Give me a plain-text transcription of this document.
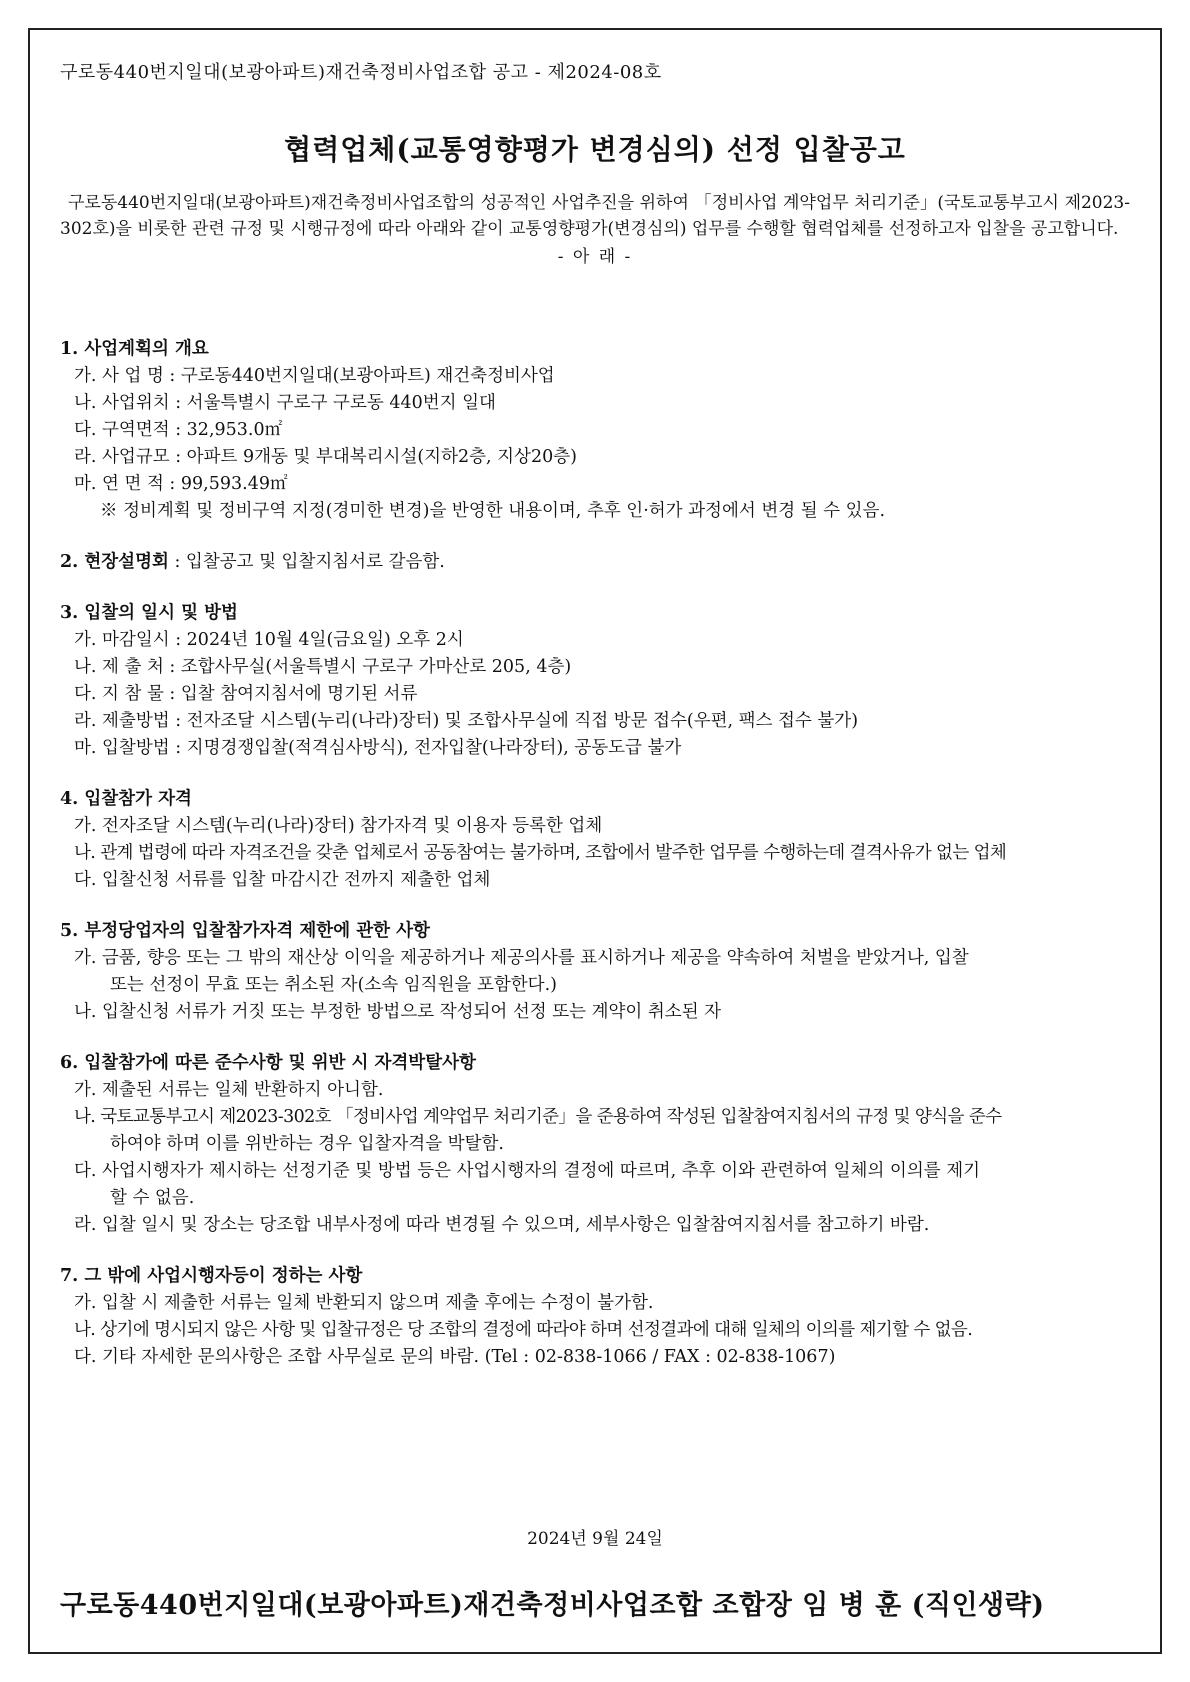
구로동440번지일대(보광아파트)재건축정비사업조합 공고 - 제2024-08호
협력업체(교통영향평가 변경심의) 선정 입찰공고

구로동440번지일대(보광아파트)재건축정비사업조합의 성공적인 사업추진을 위하여 「정비사업 계약업무 처리기준」(국토교통부고시 제2023-302호)을 비롯한 관련 규정 및 시행규정에 따라 아래와 같이 교통영향평가(변경심의) 업무를 수행할 협력업체를 선정하고자 입찰을 공고합니다.

- 아 래 -
1. 사업계획의 개요
가. 사 업 명 : 구로동440번지일대(보광아파트) 재건축정비사업
나. 사업위치 : 서울특별시 구로구 구로동 440번지 일대
다. 구역면적 : 32,953.0㎡
라. 사업규모 : 아파트 9개동 및 부대복리시설(지하2층, 지상20층)
마. 연 면 적 : 99,593.49㎡
※ 정비계획 및 정비구역 지정(경미한 변경)을 반영한 내용이며, 추후 인·허가 과정에서 변경 될 수 있음.
2. 현장설명회 : 입찰공고 및 입찰지침서로 갈음함.
3. 입찰의 일시 및 방법
가. 마감일시 : 2024년 10월 4일(금요일) 오후 2시
나. 제 출 처 : 조합사무실(서울특별시 구로구 가마산로 205, 4층)
다. 지 참 물 : 입찰 참여지침서에 명기된 서류
라. 제출방법 : 전자조달 시스템(누리(나라)장터) 및 조합사무실에 직접 방문 접수(우편, 팩스 접수 불가)
마. 입찰방법 : 지명경쟁입찰(적격심사방식), 전자입찰(나라장터), 공동도급 불가
4. 입찰참가 자격
가. 전자조달 시스템(누리(나라)장터) 참가자격 및 이용자 등록한 업체
나. 관계 법령에 따라 자격조건을 갖춘 업체로서 공동참여는 불가하며, 조합에서 발주한 업무를 수행하는데 결격사유가 없는 업체
다. 입찰신청 서류를 입찰 마감시간 전까지 제출한 업체
5. 부정당업자의 입찰참가자격 제한에 관한 사항
가. 금품, 향응 또는 그 밖의 재산상 이익을 제공하거나 제공의사를 표시하거나 제공을 약속하여 처벌을 받았거나, 입찰
또는 선정이 무효 또는 취소된 자(소속 임직원을 포함한다.)
나. 입찰신청 서류가 거짓 또는 부정한 방법으로 작성되어 선정 또는 계약이 취소된 자
6. 입찰참가에 따른 준수사항 및 위반 시 자격박탈사항
가. 제출된 서류는 일체 반환하지 아니함.
나. 국토교통부고시 제2023-302호 「정비사업 계약업무 처리기준」을 준용하여 작성된 입찰참여지침서의 규정 및 양식을 준수
하여야 하며 이를 위반하는 경우 입찰자격을 박탈함.
다. 사업시행자가 제시하는 선정기준 및 방법 등은 사업시행자의 결정에 따르며, 추후 이와 관련하여 일체의 이의를 제기
할 수 없음.
라. 입찰 일시 및 장소는 당조합 내부사정에 따라 변경될 수 있으며, 세부사항은 입찰참여지침서를 참고하기 바람.
7. 그 밖에 사업시행자등이 정하는 사항
가. 입찰 시 제출한 서류는 일체 반환되지 않으며 제출 후에는 수정이 불가함.
나. 상기에 명시되지 않은 사항 및 입찰규정은 당 조합의 결정에 따라야 하며 선정결과에 대해 일체의 이의를 제기할 수 없음.
다. 기타 자세한 문의사항은 조합 사무실로 문의 바람. (Tel : 02-838-1066 / FAX : 02-838-1067)
2024년 9월 24일
구로동440번지일대(보광아파트)재건축정비사업조합 조합장 임 병 훈 (직인생략)
